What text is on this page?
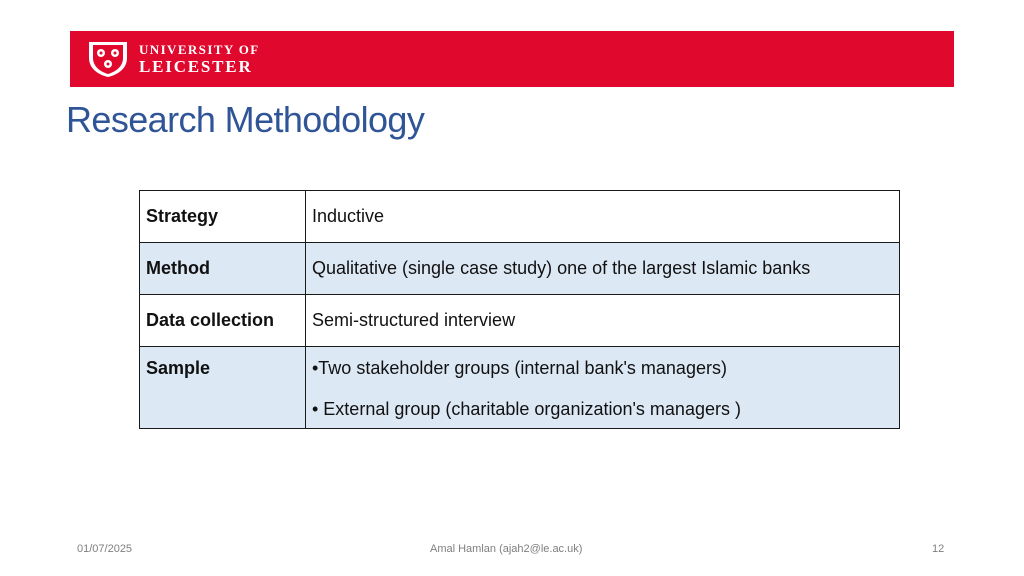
UNIVERSITY OF
LEICESTER
Research Methodology
Strategy	Inductive
Method	Qualitative (single case study) one of the largest Islamic banks
Data collection	Semi-structured interview
Sample	•Two stakeholder groups (internal bank's managers)
• External group (charitable organization's managers )
01/07/2025	Amal Hamlan (ajah2@le.ac.uk)	12
